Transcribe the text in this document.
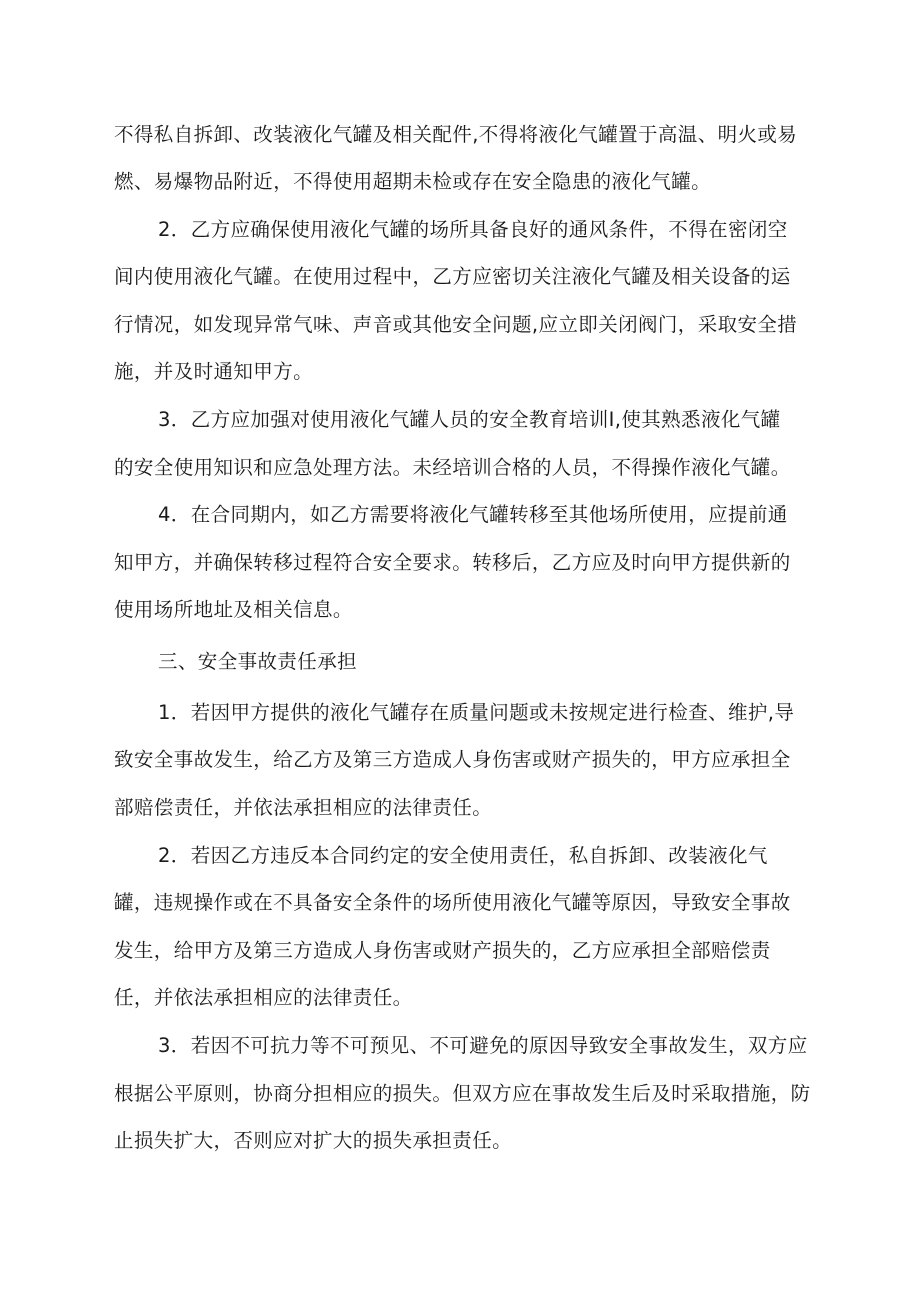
不得私自拆卸、改装液化气罐及相关配件,不得将液化气罐置于高温、明火或易
燃、易爆物品附近，不得使用超期未检或存在安全隐患的液化气罐。
2．乙方应确保使用液化气罐的场所具备良好的通风条件，不得在密闭空
间内使用液化气罐。在使用过程中，乙方应密切关注液化气罐及相关设备的运
行情况，如发现异常气味、声音或其他安全问题,应立即关闭阀门，采取安全措
施，并及时通知甲方。
3．乙方应加强对使用液化气罐人员的安全教育培训I,使其熟悉液化气罐
的安全使用知识和应急处理方法。未经培训合格的人员，不得操作液化气罐。
4．在合同期内，如乙方需要将液化气罐转移至其他场所使用，应提前通
知甲方，并确保转移过程符合安全要求。转移后，乙方应及时向甲方提供新的
使用场所地址及相关信息。
三、安全事故责任承担
1．若因甲方提供的液化气罐存在质量问题或未按规定进行检查、维护,导
致安全事故发生，给乙方及第三方造成人身伤害或财产损失的，甲方应承担全
部赔偿责任，并依法承担相应的法律责任。
2．若因乙方违反本合同约定的安全使用责任，私自拆卸、改装液化气
罐，违规操作或在不具备安全条件的场所使用液化气罐等原因，导致安全事故
发生，给甲方及第三方造成人身伤害或财产损失的，乙方应承担全部赔偿责
任，并依法承担相应的法律责任。
3．若因不可抗力等不可预见、不可避免的原因导致安全事故发生，双方应
根据公平原则，协商分担相应的损失。但双方应在事故发生后及时采取措施，防
止损失扩大，否则应对扩大的损失承担责任。
